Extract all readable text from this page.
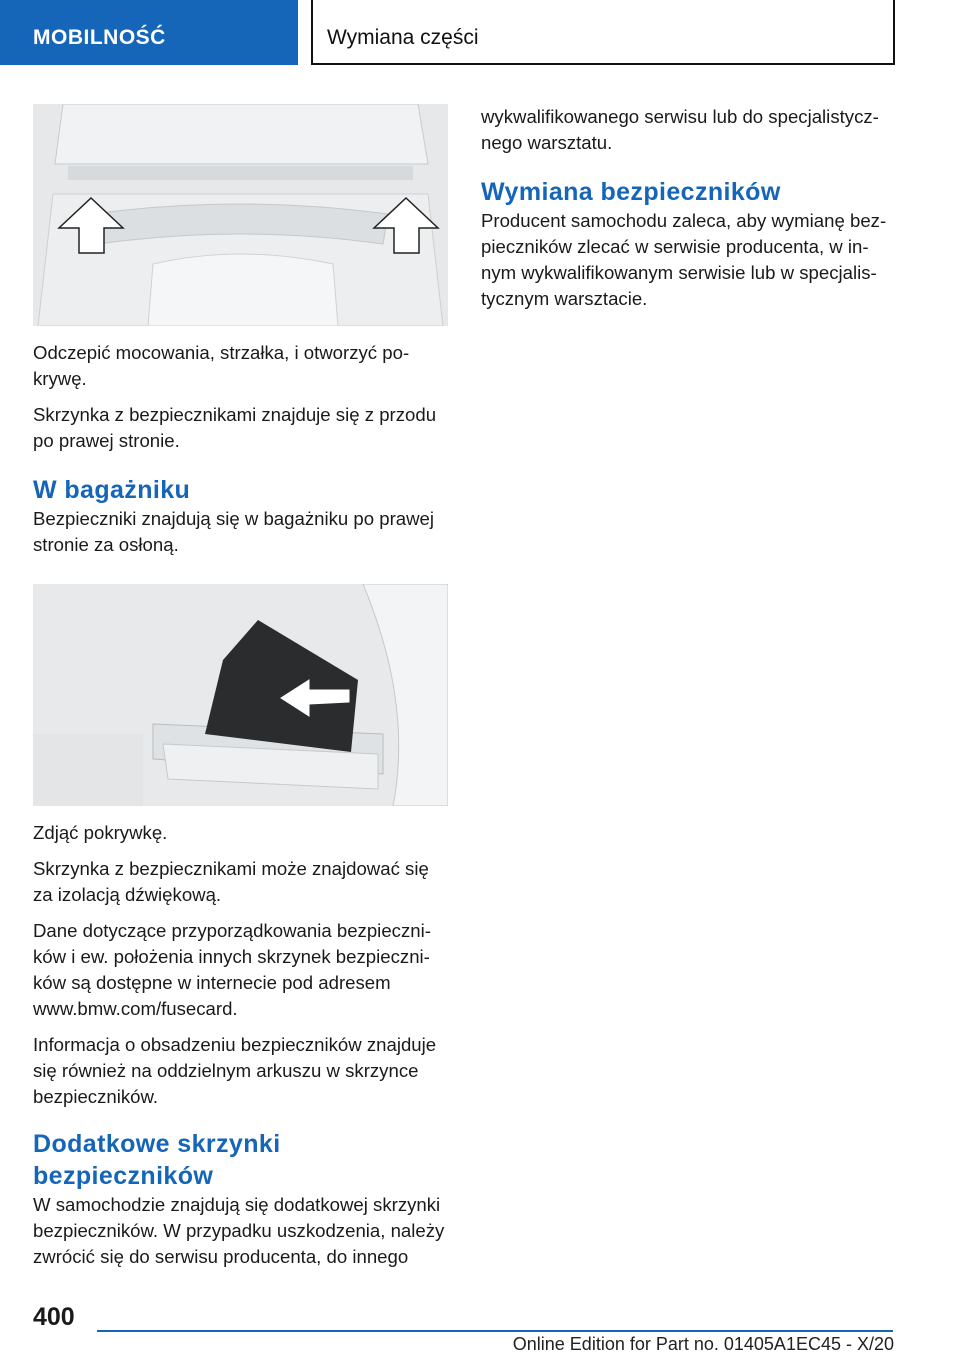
MOBILNOŚĆ	Wymiana części

Odczepić mocowania, strzałka, i otworzyć po‐krywę.

Skrzynka z bezpiecznikami znajduje się z przodu po prawej stronie.

W bagażniku

Bezpieczniki znajdują się w bagażniku po prawej stronie za osłoną.

Zdjąć pokrywkę.

Skrzynka z bezpiecznikami może znajdować się za izolacją dźwiękową.

Dane dotyczące przyporządkowania bezpieczni‐ków i ew. położenia innych skrzynek bezpieczni‐ków są dostępne w internecie pod adresem www.bmw.com/fusecard.

Informacja o obsadzeniu bezpieczników znajduje się również na oddzielnym arkuszu w skrzynce bezpieczników.

Dodatkowe skrzynki
bezpieczników

W samochodzie znajdują się dodatkowej skrzynki bezpieczników. W przypadku uszkodzenia, należy zwrócić się do serwisu producenta, do innego

wykwalifikowanego serwisu lub do specjalistycz‐nego warsztatu.

Wymiana bezpieczników

Producent samochodu zaleca, aby wymianę bez‐pieczników zlecać w serwisie producenta, w in‐nym wykwalifikowanym serwisie lub w specjalis‐tycznym warsztacie.

400
Online Edition for Part no. 01405A1EC45 - X/20
